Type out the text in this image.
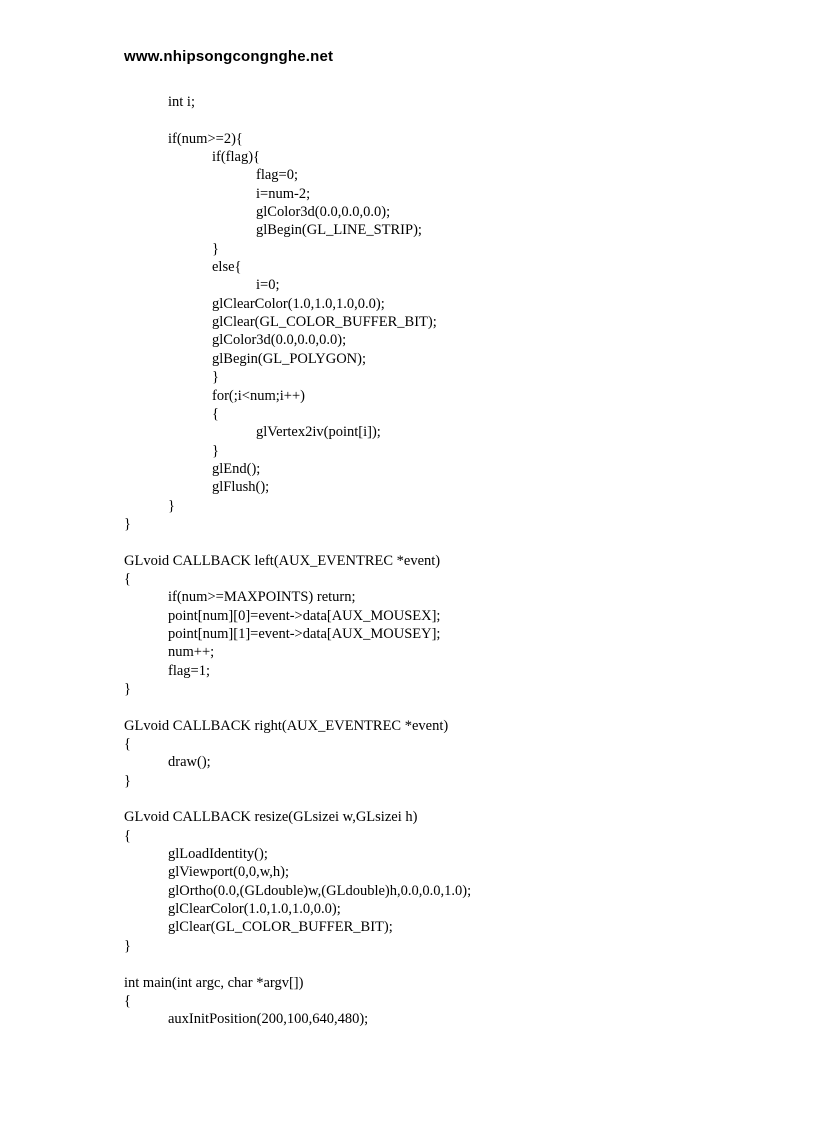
www.nhipsongcongnghe.net
int i;
if(num>=2){
if(flag){
flag=0;
i=num-2;
glColor3d(0.0,0.0,0.0);
glBegin(GL_LINE_STRIP);
}
else{
i=0;
glClearColor(1.0,1.0,1.0,0.0);
glClear(GL_COLOR_BUFFER_BIT);
glColor3d(0.0,0.0,0.0);
glBegin(GL_POLYGON);
}
for(;i<num;i++)
{
glVertex2iv(point[i]);
}
glEnd();
glFlush();
}
}
GLvoid CALLBACK left(AUX_EVENTREC *event)
{
if(num>=MAXPOINTS) return;
point[num][0]=event->data[AUX_MOUSEX];
point[num][1]=event->data[AUX_MOUSEY];
num++;
flag=1;
}
GLvoid CALLBACK right(AUX_EVENTREC *event)
{
draw();
}
GLvoid CALLBACK resize(GLsizei w,GLsizei h)
{
glLoadIdentity();
glViewport(0,0,w,h);
glOrtho(0.0,(GLdouble)w,(GLdouble)h,0.0,0.0,1.0);
glClearColor(1.0,1.0,1.0,0.0);
glClear(GL_COLOR_BUFFER_BIT);
}
int main(int argc, char *argv[])
{
auxInitPosition(200,100,640,480);
